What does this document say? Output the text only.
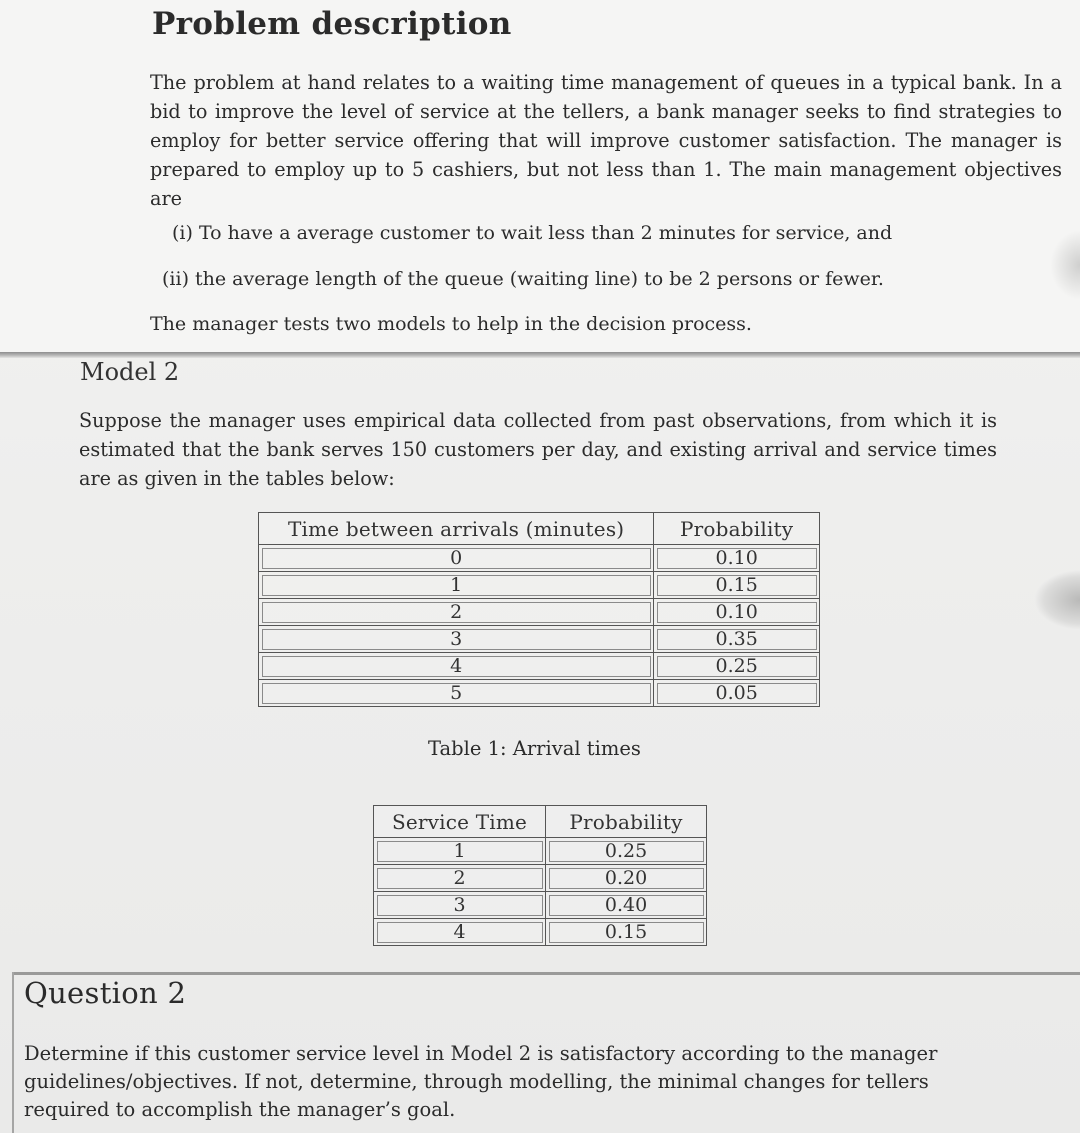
Problem description

The problem at hand relates to a waiting time management of queues in a typical bank. In a bid to improve the level of service at the tellers, a bank manager seeks to find strategies to employ for better service offering that will improve customer satisfaction. The manager is prepared to employ up to 5 cashiers, but not less than 1. The main management objectives are

(i) To have a average customer to wait less than 2 minutes for service, and

(ii) the average length of the queue (waiting line) to be 2 persons or fewer.

The manager tests two models to help in the decision process.

Model 2

Suppose the manager uses empirical data collected from past observations, from which it is estimated that the bank serves 150 customers per day, and existing arrival and service times are as given in the tables below:

Time between arrivals (minutes)	Probability
0	0.10
1	0.15
2	0.10
3	0.35
4	0.25
5	0.05

Table 1: Arrival times

Service Time	Probability
1	0.25
2	0.20
3	0.40
4	0.15
Question 2

Determine if this customer service level in Model 2 is satisfactory according to the manager guidelines/objectives. If not, determine, through modelling, the minimal changes for tellers required to accomplish the manager’s goal.
